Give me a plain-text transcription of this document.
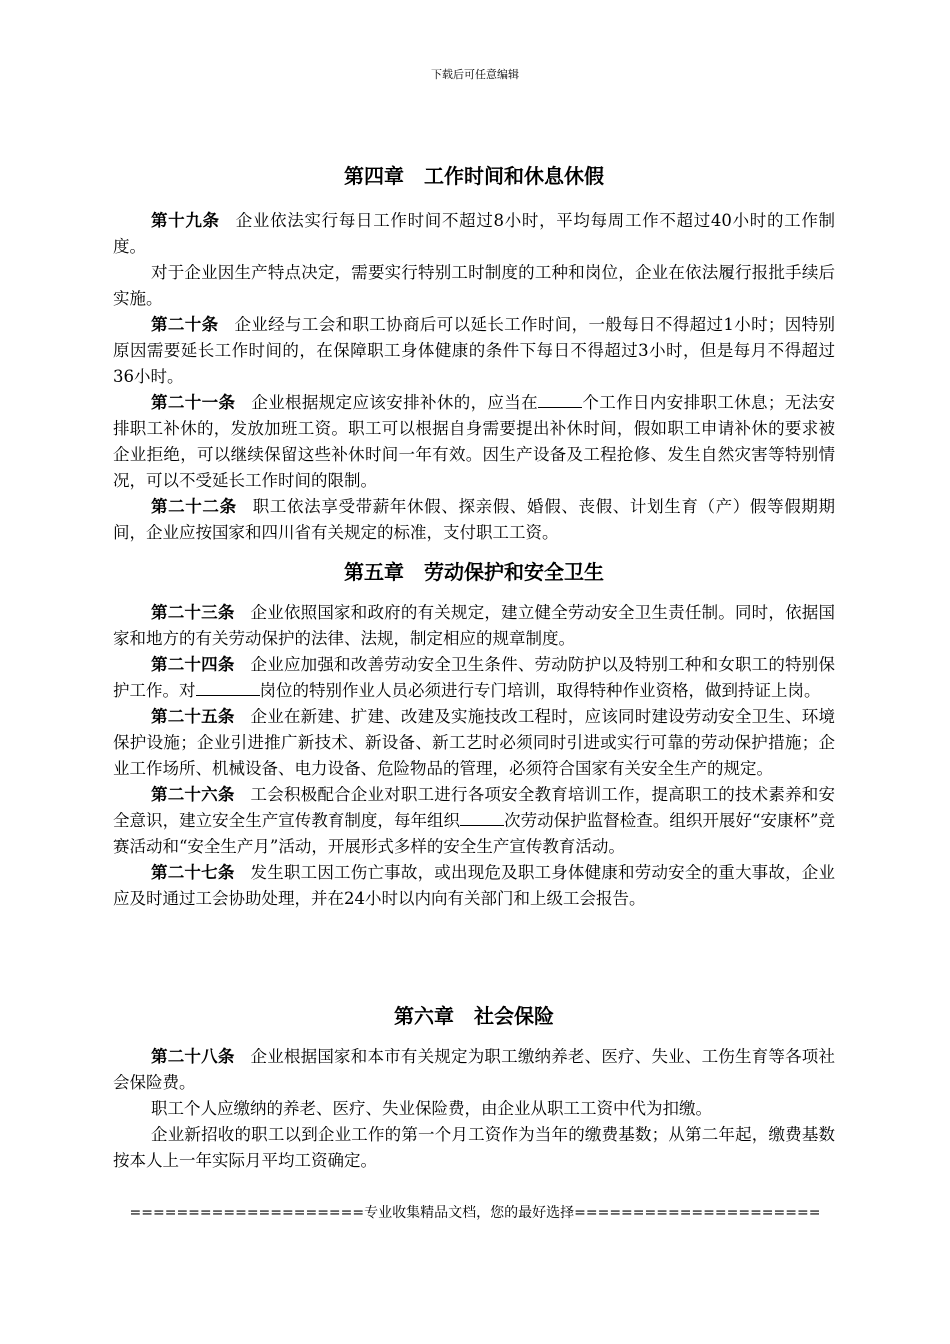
下载后可任意编辑
第四章　工作时间和休息休假

第十九条 企业依法实行每日工作时间不超过8小时，平均每周工作不超过40小时的工作制度。

对于企业因生产特点决定，需要实行特别工时制度的工种和岗位，企业在依法履行报批手续后实施。

第二十条 企业经与工会和职工协商后可以延长工作时间，一般每日不得超过1小时；因特别原因需要延长工作时间的，在保障职工身体健康的条件下每日不得超过3小时，但是每月不得超过36小时。

第二十一条 企业根据规定应该安排补休的，应当在	个工作日内安排职工休息；无法安排职工补休的，发放加班工资。职工可以根据自身需要提出补休时间，假如职工申请补休的要求被企业拒绝，可以继续保留这些补休时间一年有效。因生产设备及工程抢修、发生自然灾害等特别情况，可以不受延长工作时间的限制。

第二十二条 职工依法享受带薪年休假、探亲假、婚假、丧假、计划生育（产）假等假期期间，企业应按国家和四川省有关规定的标准，支付职工工资。

第五章　劳动保护和安全卫生

第二十三条 企业依照国家和政府的有关规定，建立健全劳动安全卫生责任制。同时，依据国家和地方的有关劳动保护的法律、法规，制定相应的规章制度。

第二十四条 企业应加强和改善劳动安全卫生条件、劳动防护以及特别工种和女职工的特别保护工作。对	岗位的特别作业人员必须进行专门培训，取得特种作业资格，做到持证上岗。

第二十五条 企业在新建、扩建、改建及实施技改工程时，应该同时建设劳动安全卫生、环境保护设施；企业引进推广新技术、新设备、新工艺时必须同时引进或实行可靠的劳动保护措施；企业工作场所、机械设备、电力设备、危险物品的管理，必须符合国家有关安全生产的规定。

第二十六条 工会积极配合企业对职工进行各项安全教育培训工作，提高职工的技术素养和安全意识，建立安全生产宣传教育制度，每年组织	次劳动保护监督检查。组织开展好“安康杯”竞赛活动和“安全生产月”活动，开展形式多样的安全生产宣传教育活动。

第二十七条 发生职工因工伤亡事故，或出现危及职工身体健康和劳动安全的重大事故，企业应及时通过工会协助处理，并在24小时以内向有关部门和上级工会报告。

第六章　社会保险

第二十八条 企业根据国家和本市有关规定为职工缴纳养老、医疗、失业、工伤生育等各项社会保险费。

职工个人应缴纳的养老、医疗、失业保险费，由企业从职工工资中代为扣缴。

企业新招收的职工以到企业工作的第一个月工资作为当年的缴费基数；从第二年起，缴费基数按本人上一年实际月平均工资确定。

====================专业收集精品文档，您的最好选择=====================
